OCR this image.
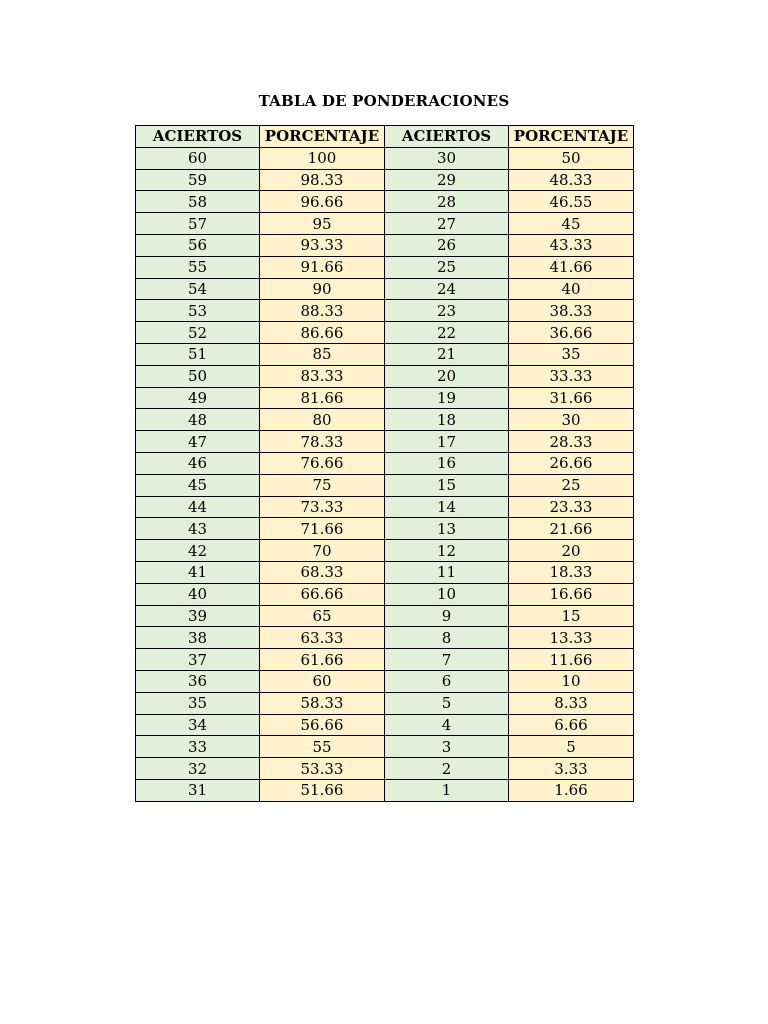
TABLA DE PONDERACIONES
ACIERTOS	PORCENTAJE	ACIERTOS	PORCENTAJE
60	100	30	50
59	98.33	29	48.33
58	96.66	28	46.55
57	95	27	45
56	93.33	26	43.33
55	91.66	25	41.66
54	90	24	40
53	88.33	23	38.33
52	86.66	22	36.66
51	85	21	35
50	83.33	20	33.33
49	81.66	19	31.66
48	80	18	30
47	78.33	17	28.33
46	76.66	16	26.66
45	75	15	25
44	73.33	14	23.33
43	71.66	13	21.66
42	70	12	20
41	68.33	11	18.33
40	66.66	10	16.66
39	65	9	15
38	63.33	8	13.33
37	61.66	7	11.66
36	60	6	10
35	58.33	5	8.33
34	56.66	4	6.66
33	55	3	5
32	53.33	2	3.33
31	51.66	1	1.66
